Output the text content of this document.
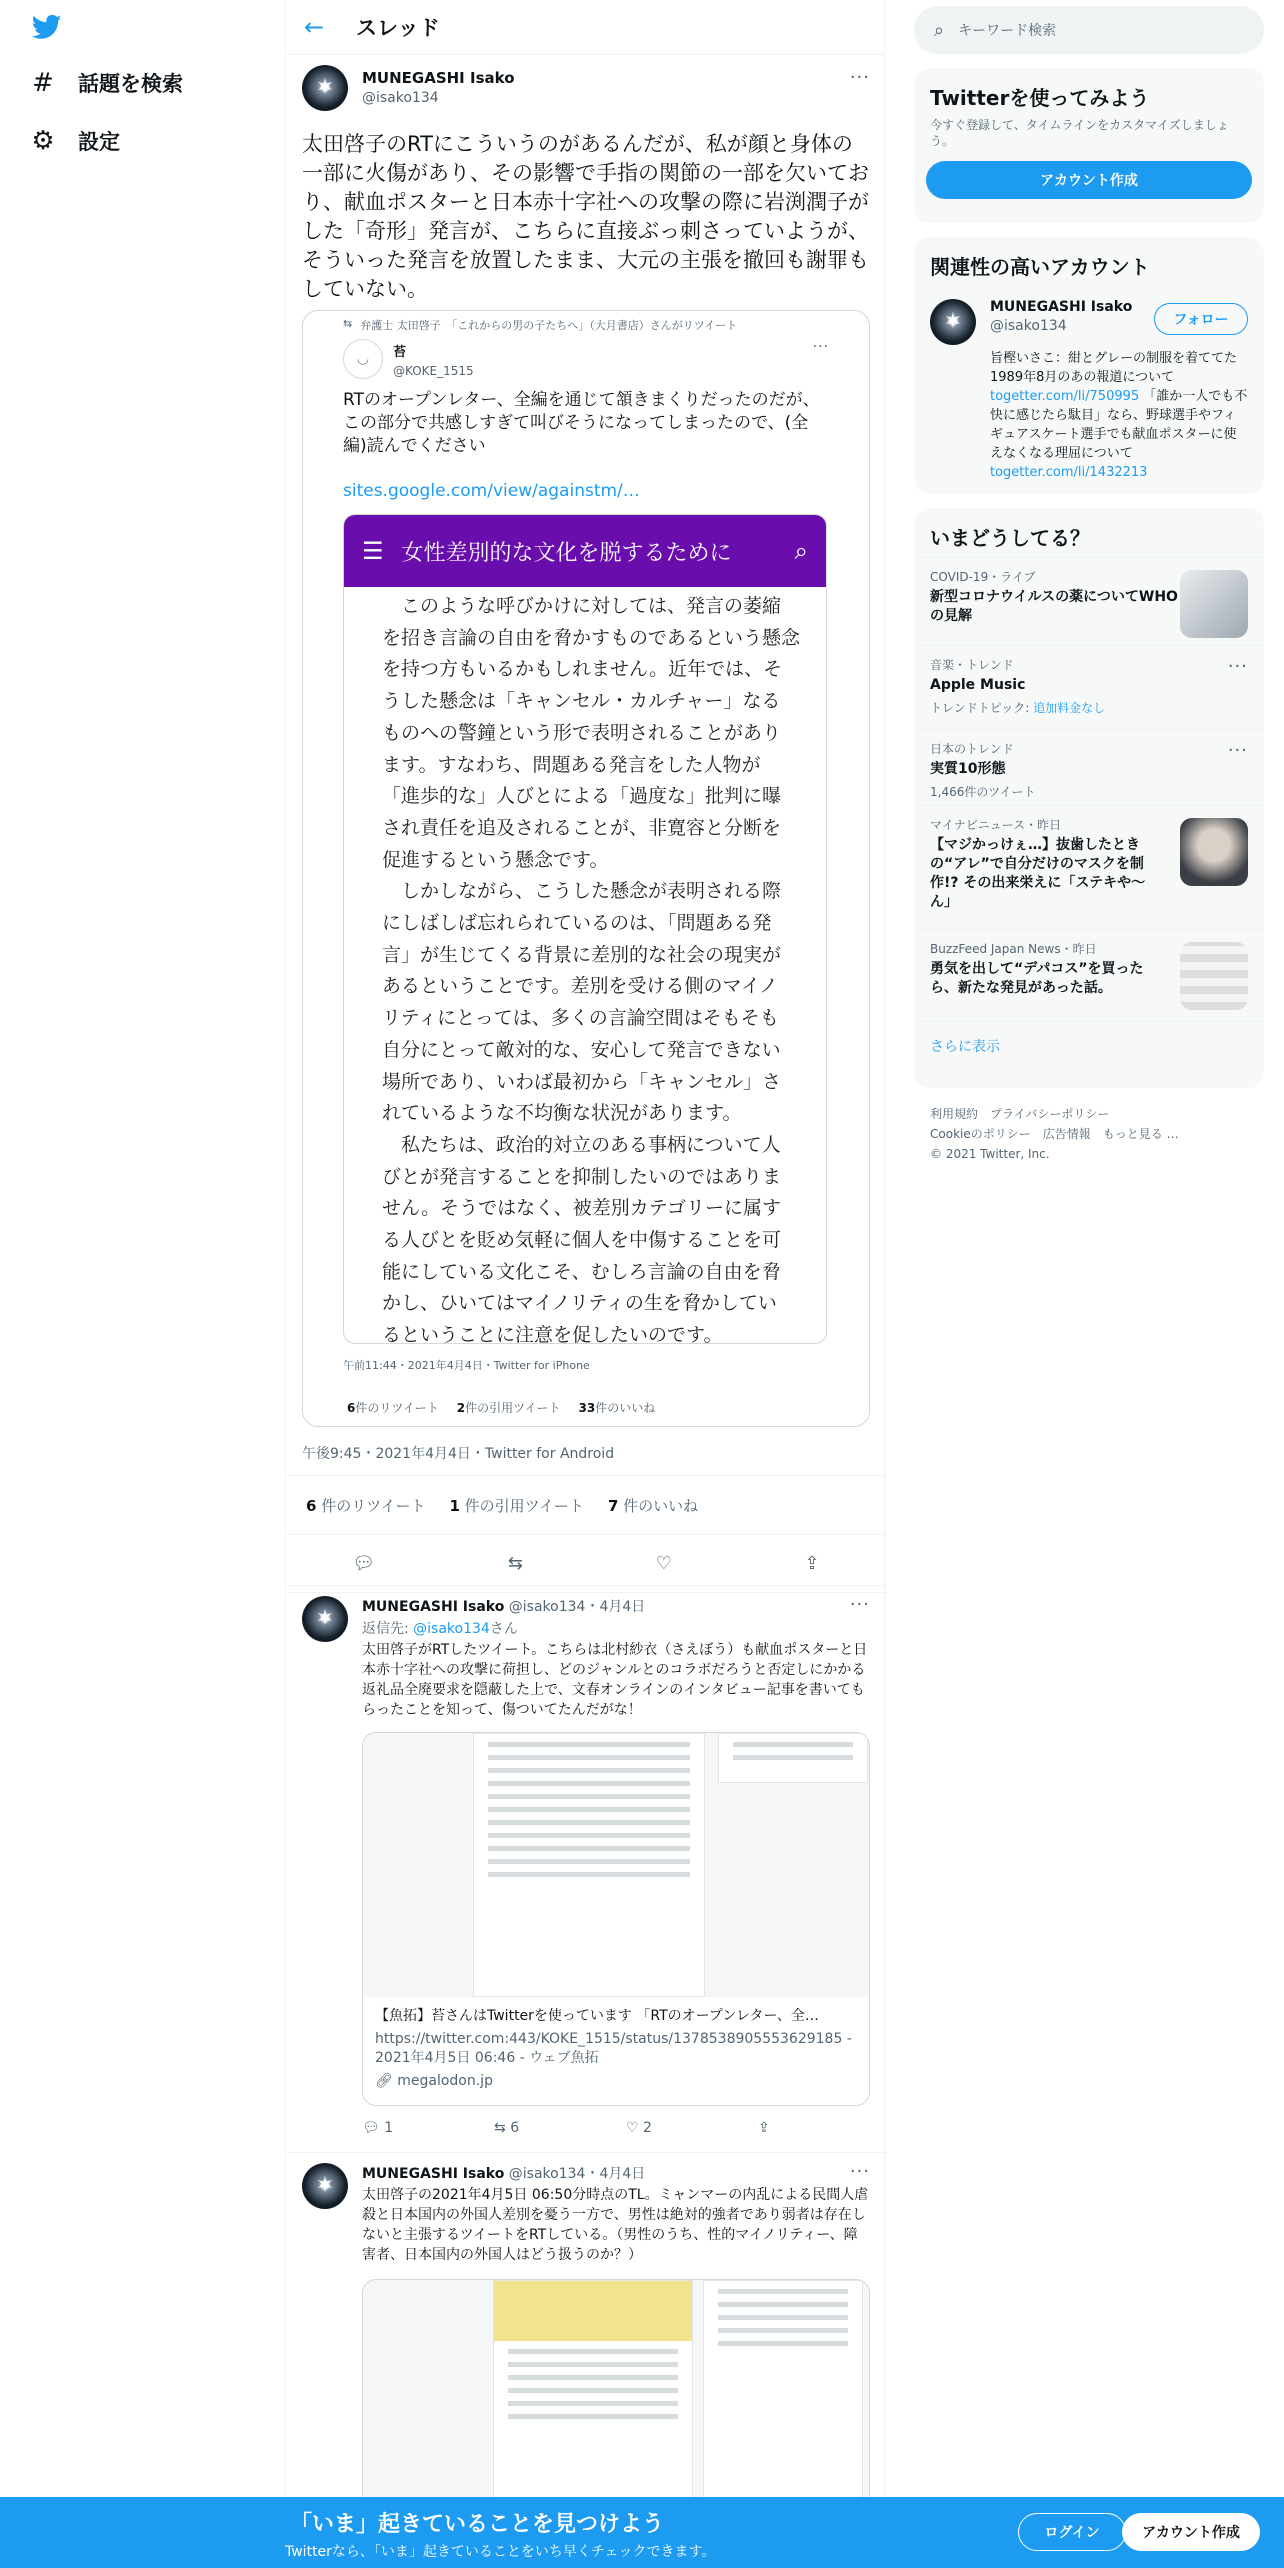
# 話題を検索
⚙ 設定
← スレッド
✶
MUNEGASHI Isako
@isako134
···
太田啓子のRTにこういうのがあるんだが、私が顔と身体の一部に火傷があり、その影響で手指の関節の一部を欠いており、献血ポスターと日本赤十字社への攻撃の際に岩渕潤子がした「奇形」発言が、こちらに直接ぶっ刺さっていようが、そういった発言を放置したまま、大元の主張を撤回も謝罪もしていない。
⇆ 弁護士 太田啓子　「これからの男の子たちへ」（大月書店）さんがリツイート
◡	苔
@KOKE_1515
···
RTのオープンレター、全編を通じて頷きまくりだったのだが、この部分で共感しすぎて叫びそうになってしまったので、(全編)読んでください
sites.google.com/view/againstm/…
☰ 女性差別的な文化を脱するために	⌕
　このような呼びかけに対しては、発言の萎縮
を招き言論の自由を脅かすものであるという懸念
を持つ方もいるかもしれません。近年では、そ
うした懸念は「キャンセル・カルチャー」なる
ものへの警鐘という形で表明されることがあり
ます。すなわち、問題ある発言をした人物が
「進歩的な」人びとによる「過度な」批判に曝
され責任を追及されることが、非寛容と分断を
促進するという懸念です。
　しかしながら、こうした懸念が表明される際
にしばしば忘れられているのは、「問題ある発
言」が生じてくる背景に差別的な社会の現実が
あるということです。差別を受ける側のマイノ
リティにとっては、多くの言論空間はそもそも
自分にとって敵対的な、安心して発言できない
場所であり、いわば最初から「キャンセル」さ
れているような不均衡な状況があります。
　私たちは、政治的対立のある事柄について人
びとが発言することを抑制したいのではありま
せん。そうではなく、被差別カテゴリーに属す
る人びとを貶め気軽に個人を中傷することを可
能にしている文化こそ、むしろ言論の自由を脅
かし、ひいてはマイノリティの生を脅かしてい
るということに注意を促したいのです。
午前11:44・2021年4月4日・Twitter for iPhone
6件のリツイート 2件の引用ツイート 33件のいいね
午後9:45・2021年4月4日・Twitter for Android
6 件のリツイート 1 件の引用ツイート 7 件のいいね
💬︎	⇆	♡	⇪
✶
MUNEGASHI Isako @isako134・4月4日	···
返信先: @isako134さん
太田啓子がRTしたツイート。こちらは北村紗衣（さえぼう）も献血ポスターと日本赤十字社への攻撃に荷担し、どのジャンルとのコラボだろうと否定しにかかる返礼品全廃要求を隠蔽した上で、文春オンラインのインタビュー記事を書いてもらったことを知って、傷ついてたんだがな！
【魚拓】苔さんはTwitterを使っています 「RTのオープンレター、全…
https://twitter.com:443/KOKE_1515/status/1378538905553629185 - 2021年4月5日 06:46 - ウェブ魚拓
🔗︎ megalodon.jp
💬︎ 1	⇆ 6	♡ 2	⇪
✶
MUNEGASHI Isako @isako134・4月4日	···
太田啓子の2021年4月5日 06:50分時点のTL。ミャンマーの内乱による民間人虐殺と日本国内の外国人差別を憂う一方で、男性は絶対的強者であり弱者は存在しないと主張するツイートをRTしている。（男性のうち、性的マイノリティー、障害者、日本国内の外国人はどう扱うのか？）
⌕ キーワード検索
Twitterを使ってみよう
今すぐ登録して、タイムラインをカスタマイズしましょう。
アカウント作成
関連性の高いアカウント
✶
MUNEGASHI Isako
@isako134	フォロー
旨樫いさこ：紺とグレーの制服を着ててた 1989年8月のあの報道について togetter.com/li/750995 「誰か一人でも不快に感じたら駄目」なら、野球選手やフィギュアスケート選手でも献血ポスターに使えなくなる理屈について togetter.com/li/1432213
いまどうしてる？
COVID-19・ライブ
新型コロナウイルスの薬についてWHOの見解
音楽・トレンド
Apple Music
トレンドトピック: 追加料金なし
···
日本のトレンド
実質10形態
1,466件のツイート
···
マイナビニュース・昨日
【マジかっけぇ…】抜歯したときの“アレ”で自分だけのマスクを制作!? その出来栄えに「ステキや～ん」
BuzzFeed Japan News・昨日
勇気を出して“デパコス”を買ったら、新たな発見があった話。
さらに表示
利用規約　 プライバシーポリシー
Cookieのポリシー　 広告情報　 もっと見る …
© 2021 Twitter, Inc.
「いま」起きていることを見つけよう
Twitterなら、「いま」起きていることをいち早くチェックできます。
ログイン	アカウント作成
